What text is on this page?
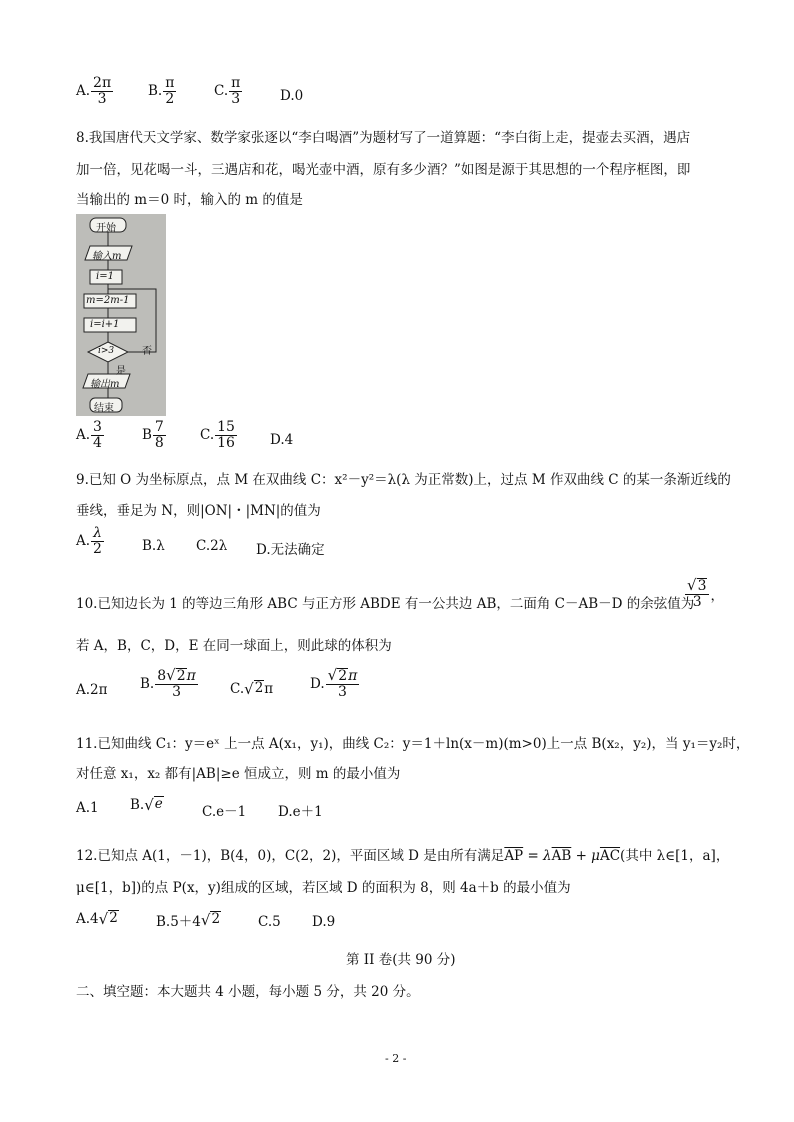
A. $\frac{2\pi}{3}$	B. $\frac{\pi}{2}$	C. $\frac{\pi}{3}$	D.0
8.我国唐代天文学家、数学家张逐以“李白喝酒”为题材写了一道算题：“李白街上走，提壶去买酒，遇店
加一倍，见花喝一斗，三遇店和花，喝光壶中酒，原有多少酒？”如图是源于其思想的一个程序框图，即
当输出的 m＝0 时，输入的 m 的值是
开始
输入m
i=1
m=2m-1
i=i+1
i>3	否
是
输出m
结束
A. $\frac{3}{4}$	B $\frac{7}{8}$	C. $\frac{15}{16} D.4$
9.已知 O 为坐标原点，点 M 在双曲线 C：x²－y²＝λ(λ 为正常数)上，过点 M 作双曲线 C 的某一条渐近线的
垂线，垂足为 N，则|ON|・|MN|的值为
A. $\frac{\lambda}{2}$	B.λ C.2λ D.无法确定
10.已知边长为 1 的等边三角形 ABC 与正方形 ABDE 有一公共边 AB，二面角 C－AB－D 的余弦值为
$\frac{√ 3}{3}$ ，
若 A，B，C，D，E 在同一球面上，则此球的体积为
A.2π B. $\frac{8 √ 2 \pi}{3} C$. √ 2 π	D. $\frac{√ 2 \pi}{3}$
11.已知曲线 C₁：y＝eˣ 上一点 A(x₁，y₁)，曲线 C₂：y＝1＋ln(x－m)(m>0)上一点 B(x₂，y₂)，当 y₁＝y₂时，
对任意 x₁，x₂ 都有|AB|≥e 恒成立，则 m 的最小值为
A.1 B. √ e	C.e－1 D.e＋1
12.已知点 A(1，－1)，B(4，0)，C(2，2)，平面区域 D 是由所有满足$\overline{AP} = \lambda\overline{AB} + \mu\overline{AC}$(其中 λ∈[1，a]，
μ∈[1，b])的点 P(x，y)组成的区域，若区域 D 的面积为 8，则 4a＋b 的最小值为
A.4 √ 2	B.5＋4 √ 2	C.5 D.9
第 II 卷(共 90 分)
二、填空题：本大题共 4 小题，每小题 5 分，共 20 分。
- 2 -
